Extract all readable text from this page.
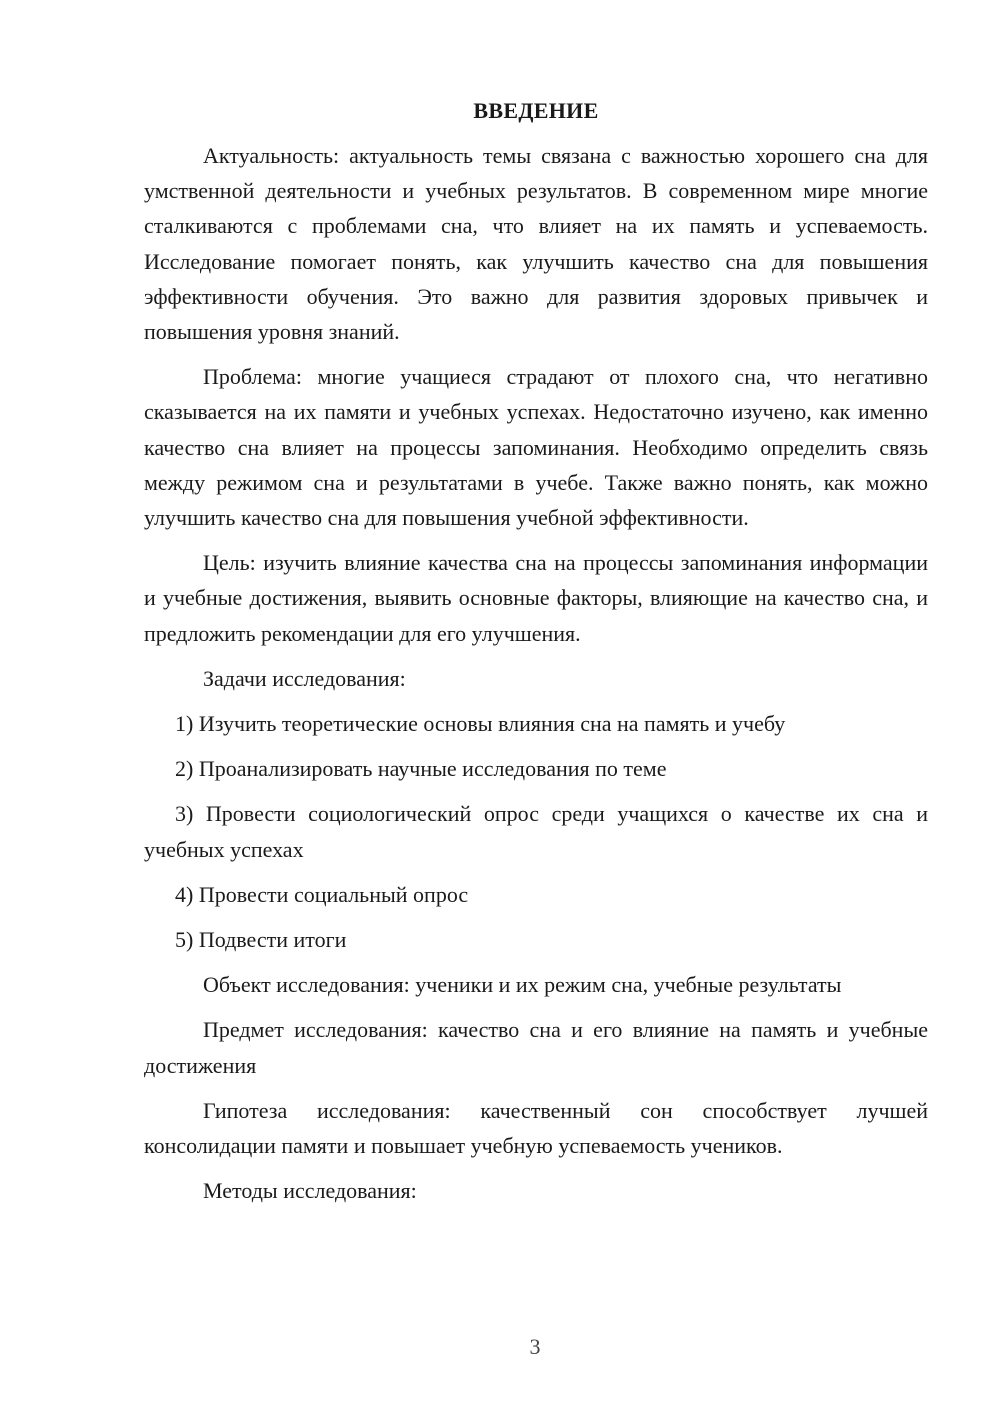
ВВЕДЕНИЕ

Актуальность: актуальность темы связана с важностью хорошего сна для умственной деятельности и учебных результатов. В современном мире многие сталкиваются с проблемами сна, что влияет на их память и успеваемость. Исследование помогает понять, как улучшить качество сна для повышения эффективности обучения. Это важно для развития здоровых привычек и повышения уровня знаний.

Проблема: многие учащиеся страдают от плохого сна, что негативно сказывается на их памяти и учебных успехах. Недостаточно изучено, как именно качество сна влияет на процессы запоминания. Необходимо определить связь между режимом сна и результатами в учебе. Также важно понять, как можно улучшить качество сна для повышения учебной эффективности.

Цель: изучить влияние качества сна на процессы запоминания информации и учебные достижения, выявить основные факторы, влияющие на качество сна, и предложить рекомендации для его улучшения.

Задачи исследования:

1) Изучить теоретические основы влияния сна на память и учебу

2) Проанализировать научные исследования по теме

3) Провести социологический опрос среди учащихся о качестве их сна и учебных успехах

4) Провести социальный опрос

5) Подвести итоги

Объект исследования: ученики и их режим сна, учебные результаты

Предмет исследования: качество сна и его влияние на память и учебные достижения

Гипотеза исследования: качественный сон способствует лучшей консолидации памяти и повышает учебную успеваемость учеников.

Методы исследования:

3
